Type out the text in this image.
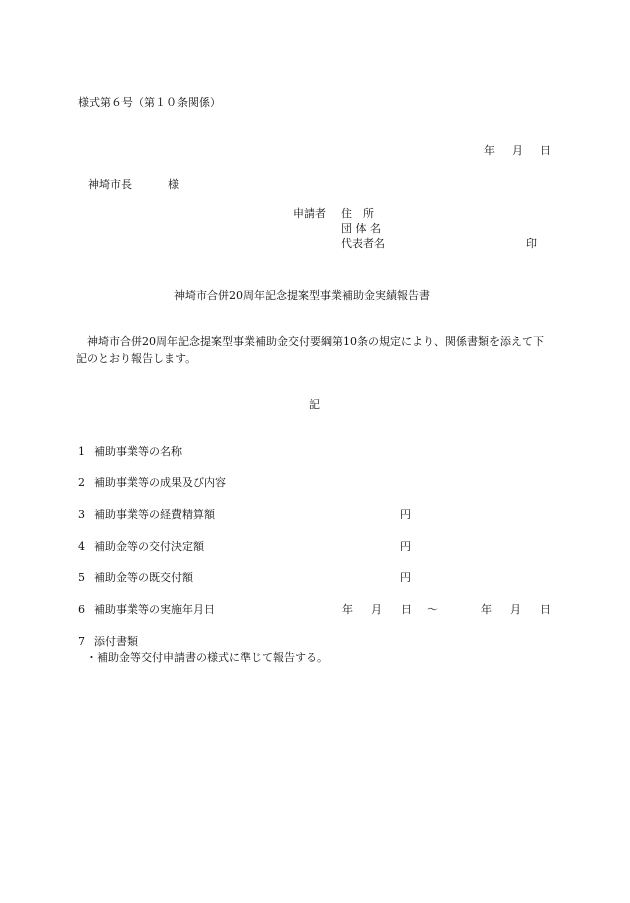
様式第６号（第１０条関係）
年 月 日
神埼市長	様
申請者 住　所
団 体 名
代表者名	印
神埼市合併20周年記念提案型事業補助金実績報告書
神埼市合併20周年記念提案型事業補助金交付要綱第10条の規定により、関係書類を添えて下記のとおり報告します。
記
1 補助事業等の名称
2 補助事業等の成果及び内容
3 補助事業等の経費精算額	円
4 補助金等の交付決定額	円
5 補助金等の既交付額	円
6 補助事業等の実施年月日	年 月 日 ～	年 月 日
7 添付書類
・補助金等交付申請書の様式に準じて報告する。
